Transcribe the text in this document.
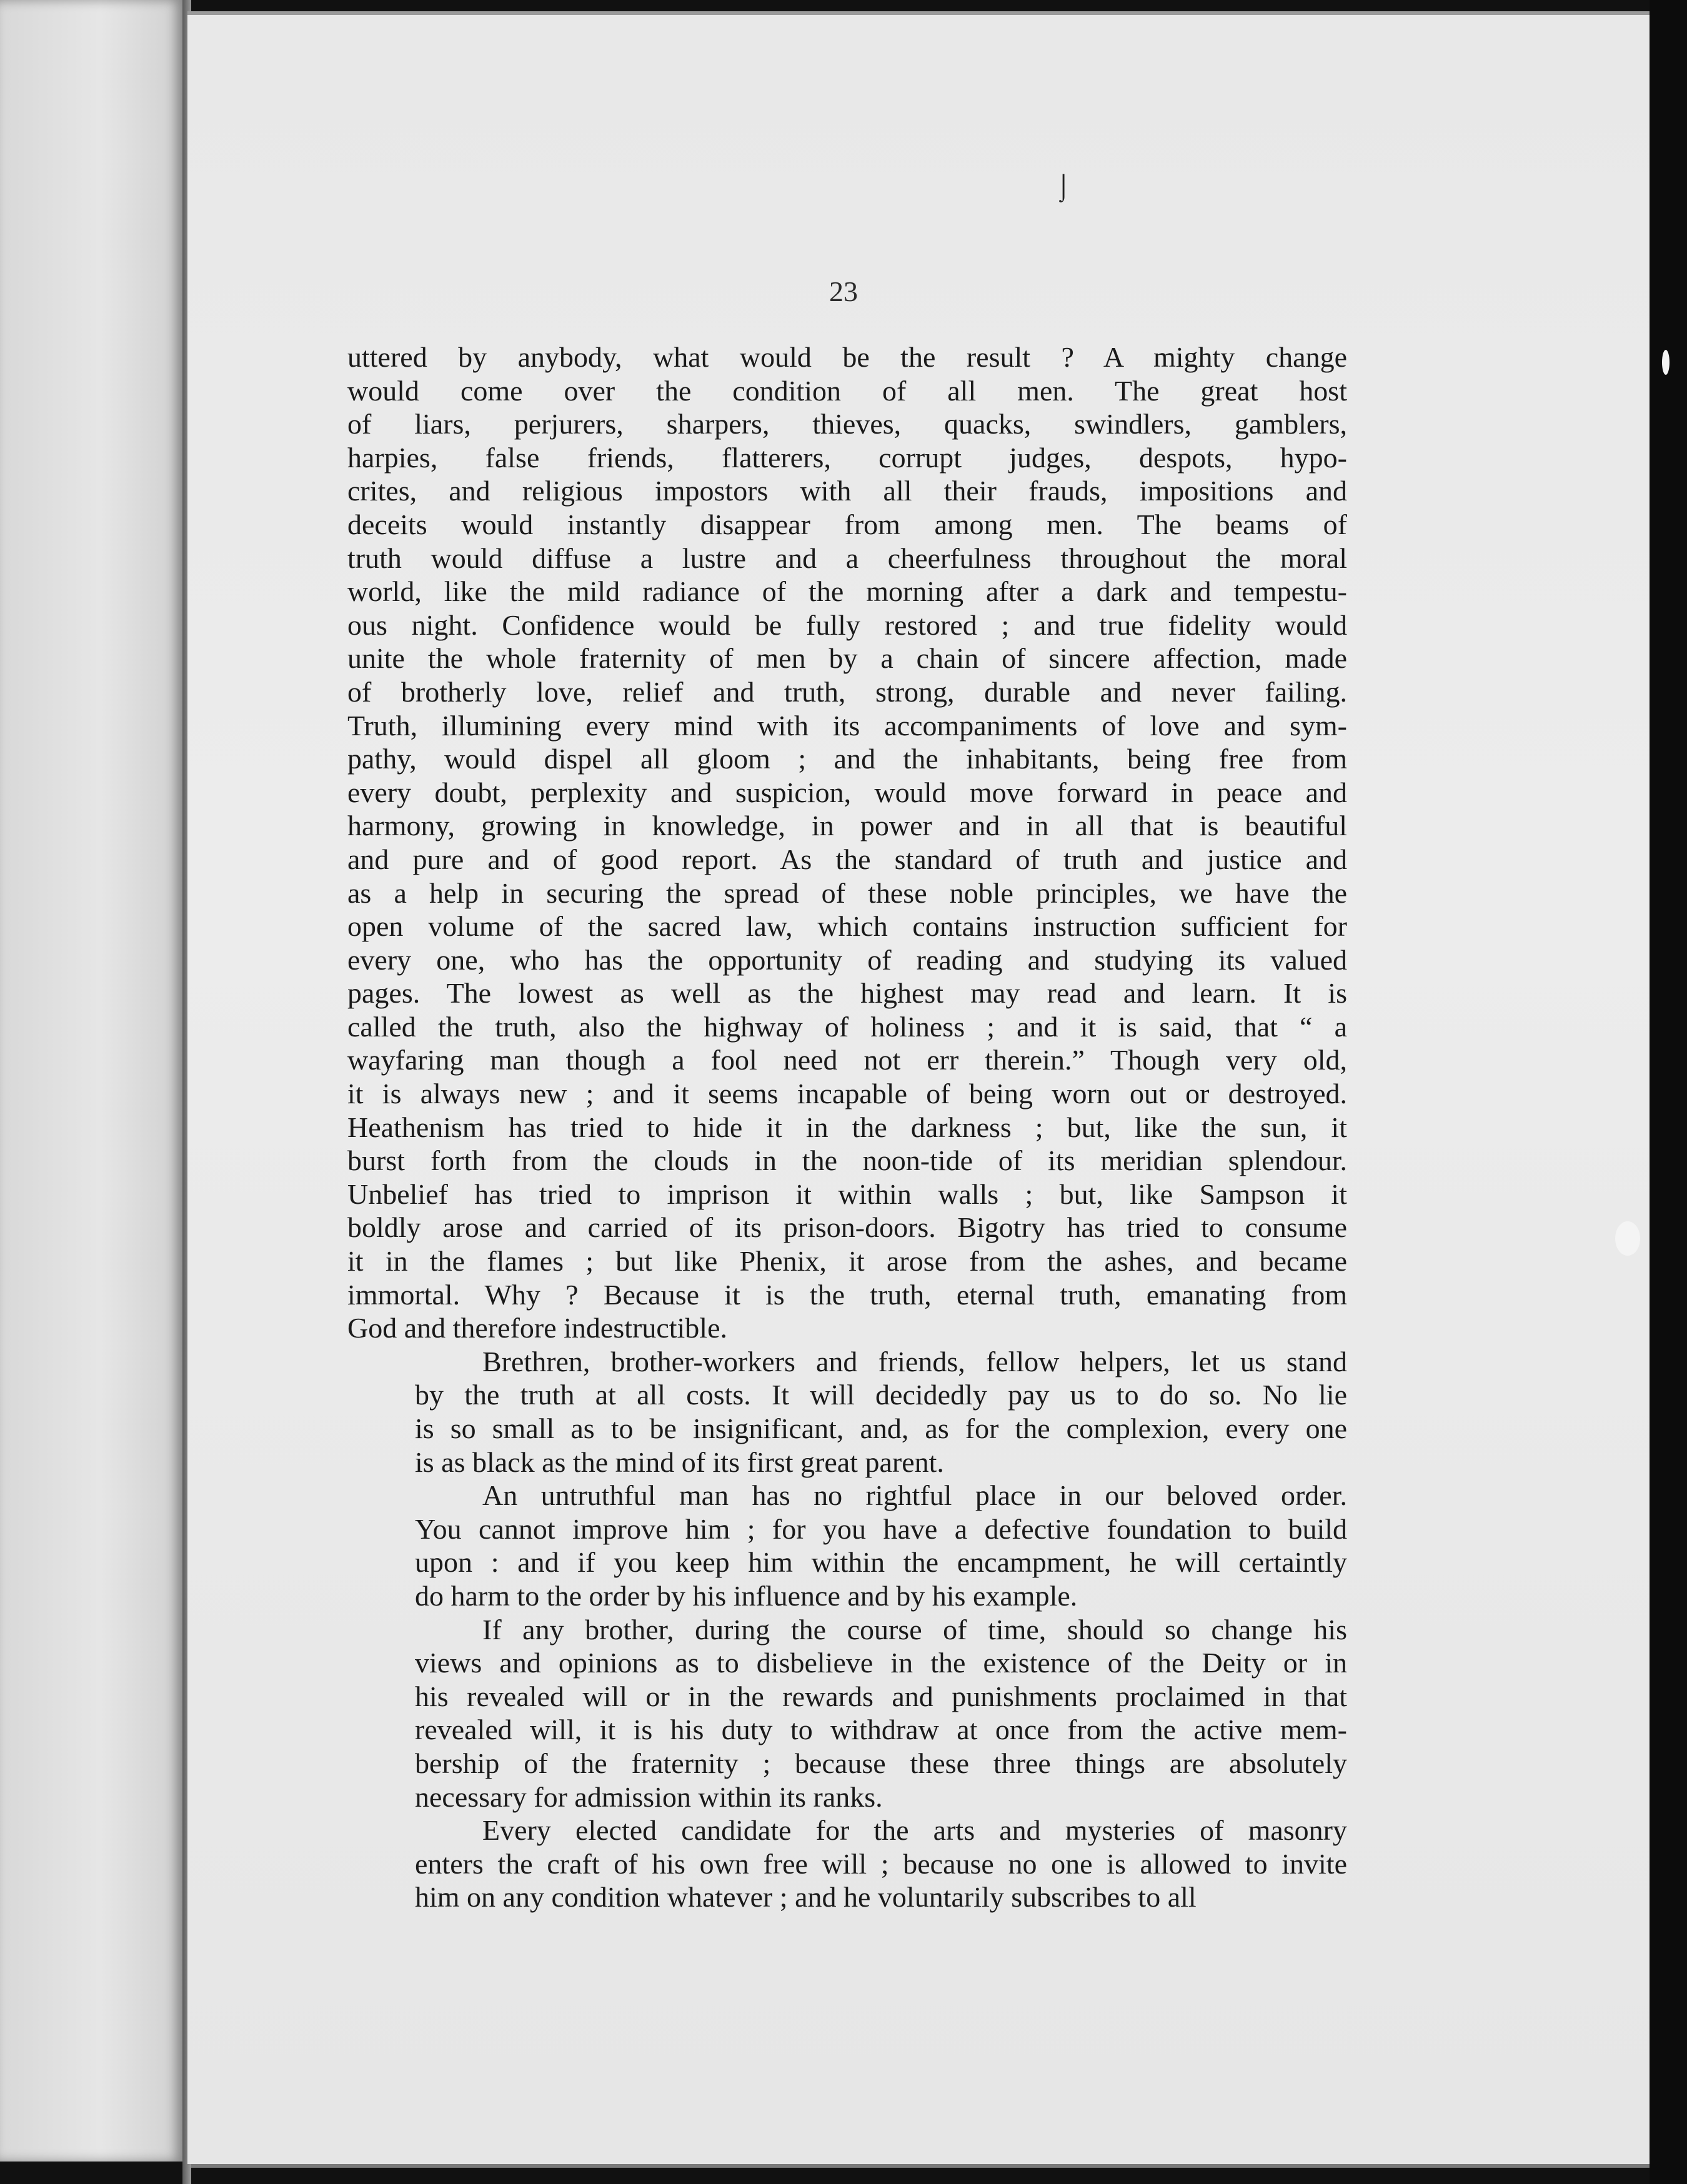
23
uttered by anybody, what would be the result ? A mighty change
would come over the condition of all men. The great host
of liars, perjurers, sharpers, thieves, quacks, swindlers, gamblers,
harpies, false friends, flatterers, corrupt judges, despots, hypo-
crites, and religious impostors with all their frauds, impositions and
deceits would instantly disappear from among men. The beams of
truth would diffuse a lustre and a cheerfulness throughout the moral
world, like the mild radiance of the morning after a dark and tempestu-
ous night. Confidence would be fully restored ; and true fidelity would
unite the whole fraternity of men by a chain of sincere affection, made
of brotherly love, relief and truth, strong, durable and never failing.
Truth, illumining every mind with its accompaniments of love and sym-
pathy, would dispel all gloom ; and the inhabitants, being free from
every doubt, perplexity and suspicion, would move forward in peace and
harmony, growing in knowledge, in power and in all that is beautiful
and pure and of good report. As the standard of truth and justice and
as a help in securing the spread of these noble principles, we have the
open volume of the sacred law, which contains instruction sufficient for
every one, who has the opportunity of reading and studying its valued
pages. The lowest as well as the highest may read and learn. It is
called the truth, also the highway of holiness ; and it is said, that “ a
wayfaring man though a fool need not err therein.” Though very old,
it is always new ; and it seems incapable of being worn out or destroyed.
Heathenism has tried to hide it in the darkness ; but, like the sun, it
burst forth from the clouds in the noon-tide of its meridian splendour.
Unbelief has tried to imprison it within walls ; but, like Sampson it
boldly arose and carried of its prison-doors. Bigotry has tried to consume
it in the flames ; but like Phenix, it arose from the ashes, and became
immortal. Why ? Because it is the truth, eternal truth, emanating from
God and therefore indestructible.
Brethren, brother-workers and friends, fellow helpers, let us stand
by the truth at all costs. It will decidedly pay us to do so. No lie
is so small as to be insignificant, and, as for the complexion, every one
is as black as the mind of its first great parent.
An untruthful man has no rightful place in our beloved order.
You cannot improve him ; for you have a defective foundation to build
upon : and if you keep him within the encampment, he will certaintly
do harm to the order by his influence and by his example.
If any brother, during the course of time, should so change his
views and opinions as to disbelieve in the existence of the Deity or in
his revealed will or in the rewards and punishments proclaimed in that
revealed will, it is his duty to withdraw at once from the active mem-
bership of the fraternity ; because these three things are absolutely
necessary for admission within its ranks.
Every elected candidate for the arts and mysteries of masonry
enters the craft of his own free will ; because no one is allowed to invite
him on any condition whatever ; and he voluntarily subscribes to all
⌡
